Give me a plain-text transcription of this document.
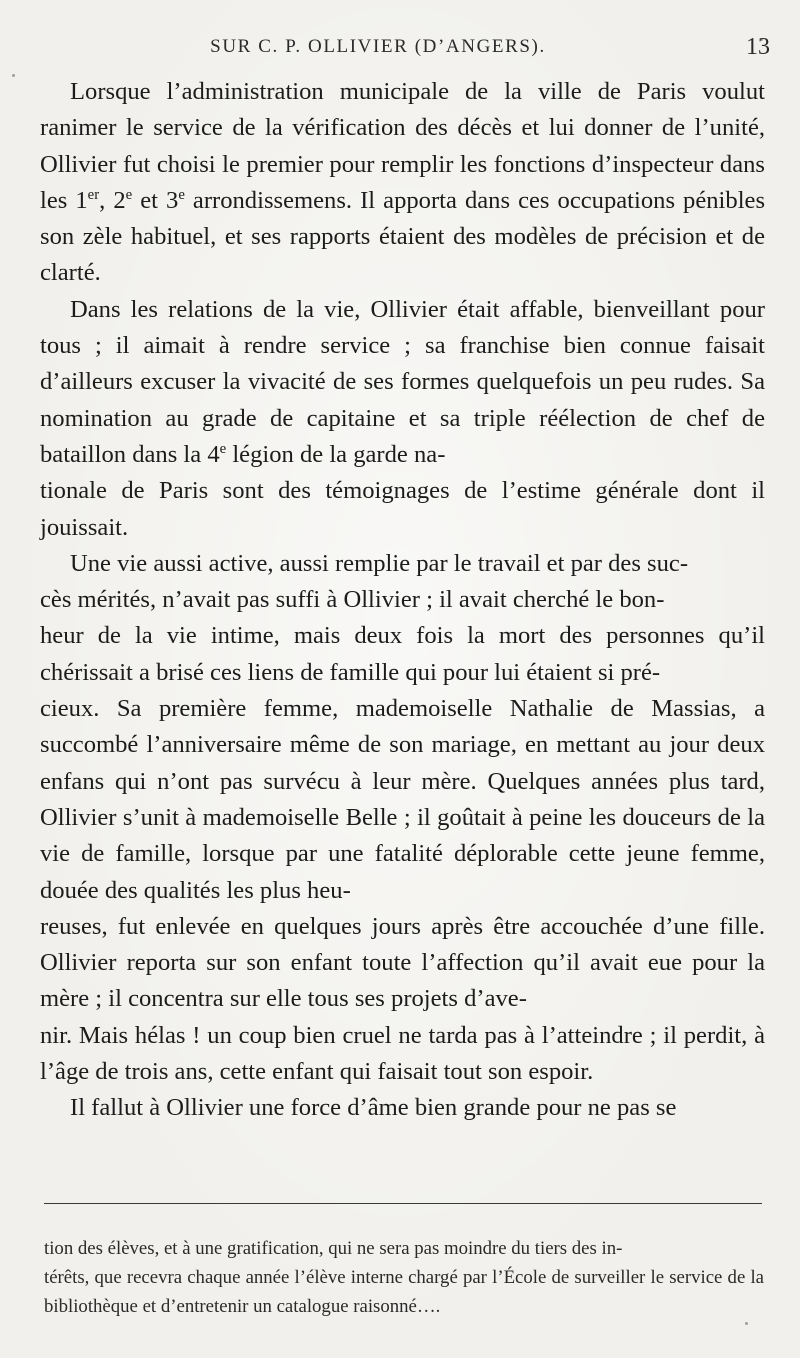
SUR C. P. OLLIVIER (D’ANGERS).	13

Lorsque l’administration municipale de la ville de Paris voulut ranimer le service de la vérification des décès et lui donner de l’unité, Ollivier fut choisi le premier pour remplir les fonctions d’inspecteur dans les 1er, 2e et 3e arrondissemens. Il apporta dans ces occupations pénibles son zèle habituel, et ses rapports étaient des modèles de précision et de clarté.

Dans les relations de la vie, Ollivier était affable, bienveillant pour tous ; il aimait à rendre service ; sa franchise bien connue faisait d’ailleurs excuser la vivacité de ses formes quelquefois un peu rudes. Sa nomination au grade de capitaine et sa triple réélection de chef de bataillon dans la 4e légion de la garde na-
tionale de Paris sont des témoignages de l’estime générale dont il jouissait.

Une vie aussi active, aussi remplie par le travail et par des suc-
cès mérités, n’avait pas suffi à Ollivier ; il avait cherché le bon-
heur de la vie intime, mais deux fois la mort des personnes qu’il chérissait a brisé ces liens de famille qui pour lui étaient si pré-
cieux. Sa première femme, mademoiselle Nathalie de Massias, a succombé l’anniversaire même de son mariage, en mettant au jour deux enfans qui n’ont pas survécu à leur mère. Quelques années plus tard, Ollivier s’unit à mademoiselle Belle ; il goûtait à peine les douceurs de la vie de famille, lorsque par une fatalité déplorable cette jeune femme, douée des qualités les plus heu-
reuses, fut enlevée en quelques jours après être accouchée d’une fille. Ollivier reporta sur son enfant toute l’affection qu’il avait eue pour la mère ; il concentra sur elle tous ses projets d’ave-
nir. Mais hélas ! un coup bien cruel ne tarda pas à l’atteindre ; il perdit, à l’âge de trois ans, cette enfant qui faisait tout son espoir.

Il fallut à Ollivier une force d’âme bien grande pour ne pas se

tion des élèves, et à une gratification, qui ne sera pas moindre du tiers des in-
térêts, que recevra chaque année l’élève interne chargé par l’École de surveiller le service de la bibliothèque et d’entretenir un catalogue raisonné….
